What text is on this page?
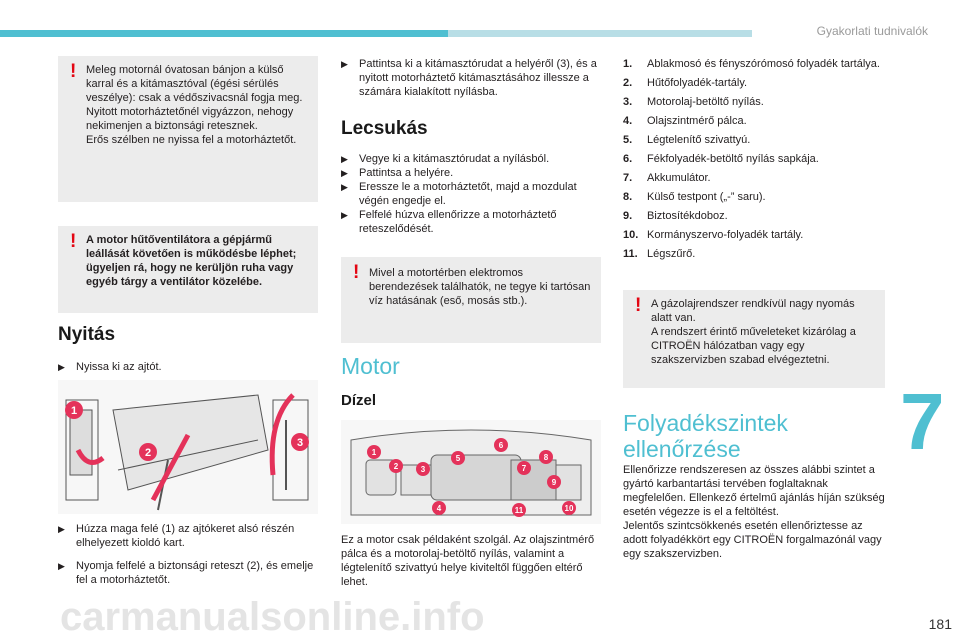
Gyakorlati tudnivalók
7
! Meleg motornál óvatosan bánjon a külső karral és a kitámasztóval (égési sérülés veszélye): csak a védőszivacsnál fogja meg.
Nyitott motorháztetőnél vigyázzon, nehogy nekimenjen a biztonsági retesznek.
Erős szélben ne nyissa fel a motorháztetőt.
! A motor hűtőventilátora a gépjármű leállását követően is működésbe léphet; ügyeljen rá, hogy ne kerüljön ruha vagy egyéb tárgy a ventilátor közelébe.
Nyitás
▶ Nyissa ki az ajtót.
1
2
3
▶ Húzza maga felé (1) az ajtókeret alsó részén elhelyezett kioldó kart.
▶ Nyomja felfelé a biztonsági reteszt (2), és emelje fel a motorháztetőt.
▶ Pattintsa ki a kitámasztórudat a helyéről (3), és a nyitott motorháztető kitámasztásához illessze a számára kialakított nyílásba.
Lecsukás
▶ Vegye ki a kitámasztórudat a nyílásból.
▶ Pattintsa a helyére.
▶ Eressze le a motorháztetőt, majd a mozdulat végén engedje el.
▶ Felfelé húzva ellenőrizze a motorháztető reteszelődését.
! Mivel a motortérben elektromos berendezések találhatók, ne tegye ki tartósan víz hatásának (eső, mosás stb.).
Motor
Dízel
1
2	3
4
5
6
7
8
9
10
11
Ez a motor csak példaként szolgál. Az olajszintmérő pálca és a motorolaj-betöltő nyílás, valamint a légtelenítő szivattyú helye kiviteltől függően eltérő lehet.
1. Ablakmosó és fényszórómosó folyadék tartálya.
2. Hűtőfolyadék-tartály.
3. Motorolaj-betöltő nyílás.
4. Olajszintmérő pálca.
5. Légtelenítő szivattyú.
6. Fékfolyadék-betöltő nyílás sapkája.
7. Akkumulátor.
8. Külső testpont („-” saru).
9. Biztosítékdoboz.
10. Kormányszervo-folyadék tartály.
11. Légszűrő.
! A gázolajrendszer rendkívül nagy nyomás alatt van.
A rendszert érintő műveleteket kizárólag a CITROËN hálózatban vagy egy szakszervizben szabad elvégeztetni.
Folyadékszintek
ellenőrzése
Ellenőrizze rendszeresen az összes alábbi szintet a gyártó karbantartási tervében foglaltaknak megfelelően. Ellenkező értelmű ajánlás híján szükség esetén végezze is el a feltöltést.
Jelentős szintcsökkenés esetén ellenőriztesse az adott folyadékkört egy CITROËN forgalmazónál vagy egy szakszervizben.
carmanualsonline.info	181
